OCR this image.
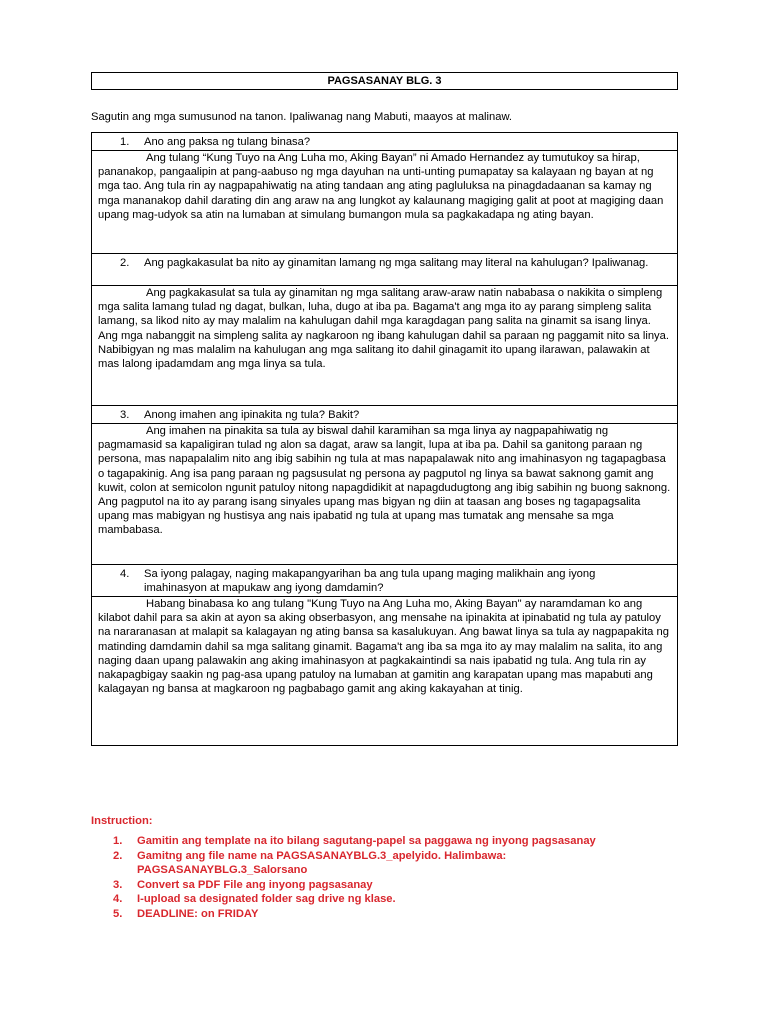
PAGSASANAY BLG. 3
Sagutin ang mga sumusunod na tanon. Ipaliwanag nang Mabuti, maayos at malinaw.
1.	Ano ang paksa ng tulang binasa?

Ang tulang “Kung Tuyo na Ang Luha mo, Aking Bayan” ni Amado Hernandez ay tumutukoy sa hirap, pananakop, pangaalipin at pang-aabuso ng mga dayuhan na unti-unting pumapatay sa kalayaan ng bayan at ng mga tao. Ang tula rin ay nagpapahiwatig na ating tandaan ang ating pagluluksa na pinagdadaanan sa kamay ng mga mananakop dahil darating din ang araw na ang lungkot ay kalaunang magiging galit at poot at magiging daan upang mag-udyok sa atin na lumaban at simulang bumangon mula sa pagkakadapa ng ating bayan.

2.	Ang pagkakasulat ba nito ay ginamitan lamang ng mga salitang may literal na kahulugan? Ipaliwanag.

Ang pagkakasulat sa tula ay ginamitan ng mga salitang araw-araw natin nababasa o nakikita o simpleng mga salita lamang tulad ng dagat, bulkan, luha, dugo at iba pa. Bagama't ang mga ito ay parang simpleng salita lamang, sa likod nito ay may malalim na kahulugan dahil mga karagdagan pang salita na ginamit sa isang linya. Ang mga nabanggit na simpleng salita ay nagkaroon ng ibang kahulugan dahil sa paraan ng paggamit nito sa linya. Nabibigyan ng mas malalim na kahulugan ang mga salitang ito dahil ginagamit ito upang ilarawan, palawakin at mas lalong ipadamdam ang mga linya sa tula.

3.	Anong imahen ang ipinakita ng tula? Bakit?

Ang imahen na pinakita sa tula ay biswal dahil karamihan sa mga linya ay nagpapahiwatig ng pagmamasid sa kapaligiran tulad ng alon sa dagat, araw sa langit, lupa at iba pa. Dahil sa ganitong paraan ng persona, mas napapalalim nito ang ibig sabihin ng tula at mas napapalawak nito ang imahinasyon ng tagapagbasa o tagapakinig. Ang isa pang paraan ng pagsusulat ng persona ay pagputol ng linya sa bawat saknong gamit ang kuwit, colon at semicolon ngunit patuloy nitong napagdidikit at napagdudugtong ang ibig sabihin ng buong saknong. Ang pagputol na ito ay parang isang sinyales upang mas bigyan ng diin at taasan ang boses ng tagapagsalita upang mas mabigyan ng hustisya ang nais ipabatid ng tula at upang mas tumatak ang mensahe sa mga mambabasa.

4.	Sa iyong palagay, naging makapangyarihan ba ang tula upang maging malikhain ang iyong imahinasyon at mapukaw ang iyong damdamin?

Habang binabasa ko ang tulang "Kung Tuyo na Ang Luha mo, Aking Bayan" ay naramdaman ko ang kilabot dahil para sa akin at ayon sa aking obserbasyon, ang mensahe na ipinakita at ipinabatid ng tula ay patuloy na nararanasan at malapit sa kalagayan ng ating bansa sa kasalukuyan. Ang bawat linya sa tula ay nagpapakita ng matinding damdamin dahil sa mga salitang ginamit. Bagama't ang iba sa mga ito ay may malalim na salita, ito ang naging daan upang palawakin ang aking imahinasyon at pagkakaintindi sa nais ipabatid ng tula. Ang tula rin ay nakapagbigay saakin ng pag-asa upang patuloy na lumaban at gamitin ang karapatan upang mas mapabuti ang kalagayan ng bansa at magkaroon ng pagbabago gamit ang aking kakayahan at tinig.

Instruction:
1.	Gamitin ang template na ito bilang sagutang-papel sa paggawa ng inyong pagsasanay
2.	Gamitng ang file name na PAGSASANAYBLG.3_apelyido. Halimbawa: PAGSASANAYBLG.3_Salorsano
3.	Convert sa PDF File ang inyong pagsasanay
4.	I-upload sa designated folder sag drive ng klase.
5.	DEADLINE: on FRIDAY
